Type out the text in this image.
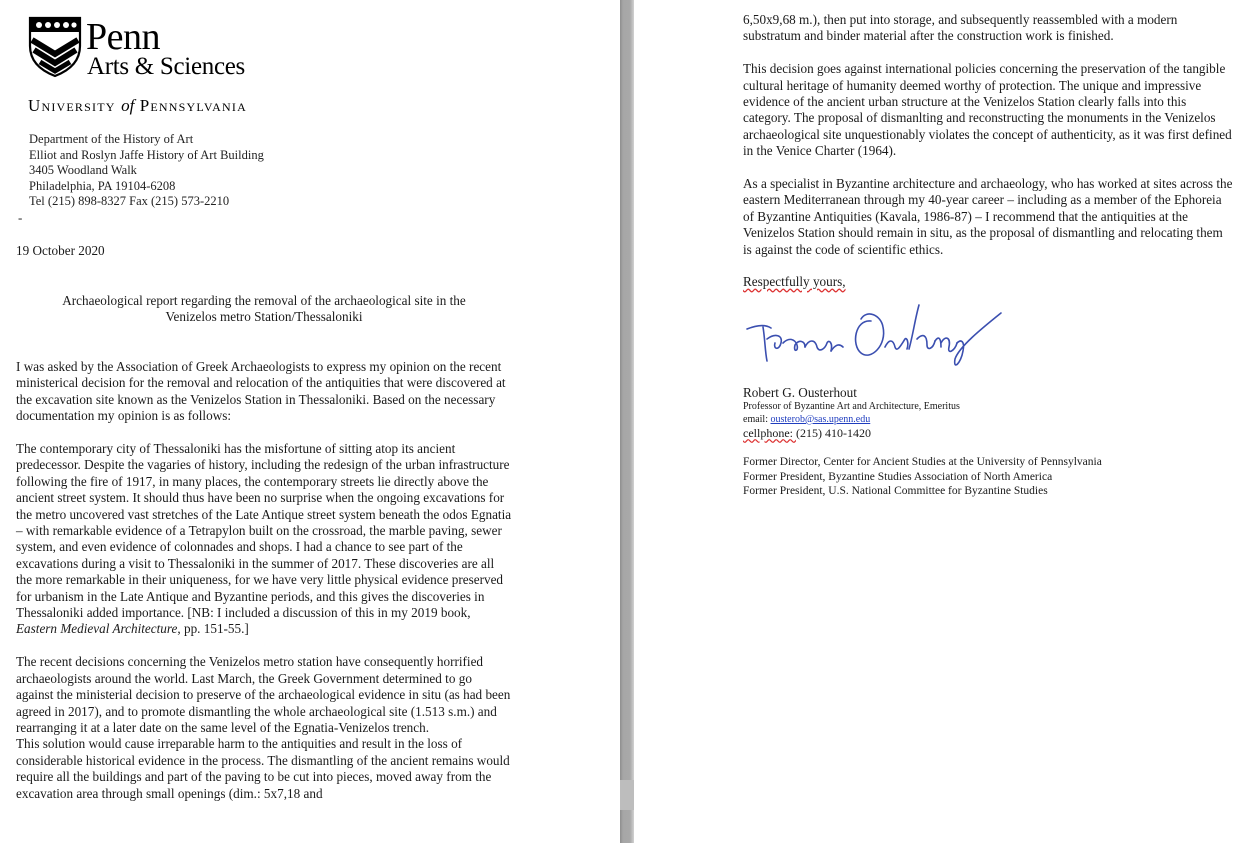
Penn
Arts & Sciences
University of Pennsylvania
Department of the History of Art
Elliot and Roslyn Jaffe History of Art Building
3405 Woodland Walk
Philadelphia, PA 19104-6208
Tel (215) 898-8327 Fax (215) 573-2210
-
19 October 2020
Archaeological report regarding the removal of the archaeological site in the
Venizelos metro Station/Thessaloniki

I was asked by the Association of Greek Archaeologists to express my opinion on the recent ministerical decision for the removal and relocation of the antiquities that were discovered at the excavation site known as the Venizelos Station in Thessaloniki. Based on the necessary documentation my opinion is as follows:

The contemporary city of Thessaloniki has the misfortune of sitting atop its ancient predecessor. Despite the vagaries of history, including the redesign of the urban infrastructure following the fire of 1917, in many places, the contemporary streets lie directly above the ancient street system. It should thus have been no surprise when the ongoing excavations for the metro uncovered vast stretches of the Late Antique street system beneath the odos Egnatia – with remarkable evidence of a Tetrapylon built on the crossroad, the marble paving, sewer system, and even evidence of colonnades and shops. I had a chance to see part of the excavations during a visit to Thessaloniki in the summer of 2017. These discoveries are all the more remarkable in their uniqueness, for we have very little physical evidence preserved for urbanism in the Late Antique and Byzantine periods, and this gives the discoveries in Thessaloniki added importance. [NB: I included a discussion of this in my 2019 book, Eastern Medieval Architecture, pp. 151-55.]

The recent decisions concerning the Venizelos metro station have consequently horrified archaeologists around the world. Last March, the Greek Government determined to go against the ministerial decision to preserve of the archaeological evidence in situ (as had been agreed in 2017), and to promote dismantling the whole archaeological site (1.513 s.m.) and rearranging it at a later date on the same level of the Egnatia-Venizelos trench.

This solution would cause irreparable harm to the antiquities and result in the loss of considerable historical evidence in the process. The dismantling of the ancient remains would require all the buildings and part of the paving to be cut into pieces, moved away from the excavation area through small openings (dim.: 5x7,18 and

6,50x9,68 m.), then put into storage, and subsequently reassembled with a modern substratum and binder material after the construction work is finished.

This decision goes against international policies concerning the preservation of the tangible cultural heritage of humanity deemed worthy of protection. The unique and impressive evidence of the ancient urban structure at the Venizelos Station clearly falls into this category. The proposal of dismanlting and reconstructing the monuments in the Venizelos archaeological site unquestionably violates the concept of authenticity, as it was first defined in the Venice Charter (1964).

As a specialist in Byzantine architecture and archaeology, who has worked at sites across the eastern Mediterranean through my 40-year career – including as a member of the Ephoreia of Byzantine Antiquities (Kavala, 1986-87) – I recommend that the antiquities at the Venizelos Station should remain in situ, as the proposal of dismantling and relocating them is against the code of scientific ethics.

Respectfully yours,
Robert G. Ousterhout
Professor of Byzantine Art and Architecture, Emeritus
email: ousterob@sas.upenn.edu
cellphone: (215) 410-1420
Former Director, Center for Ancient Studies at the University of Pennsylvania
Former President, Byzantine Studies Association of North America
Former President, U.S. National Committee for Byzantine Studies
